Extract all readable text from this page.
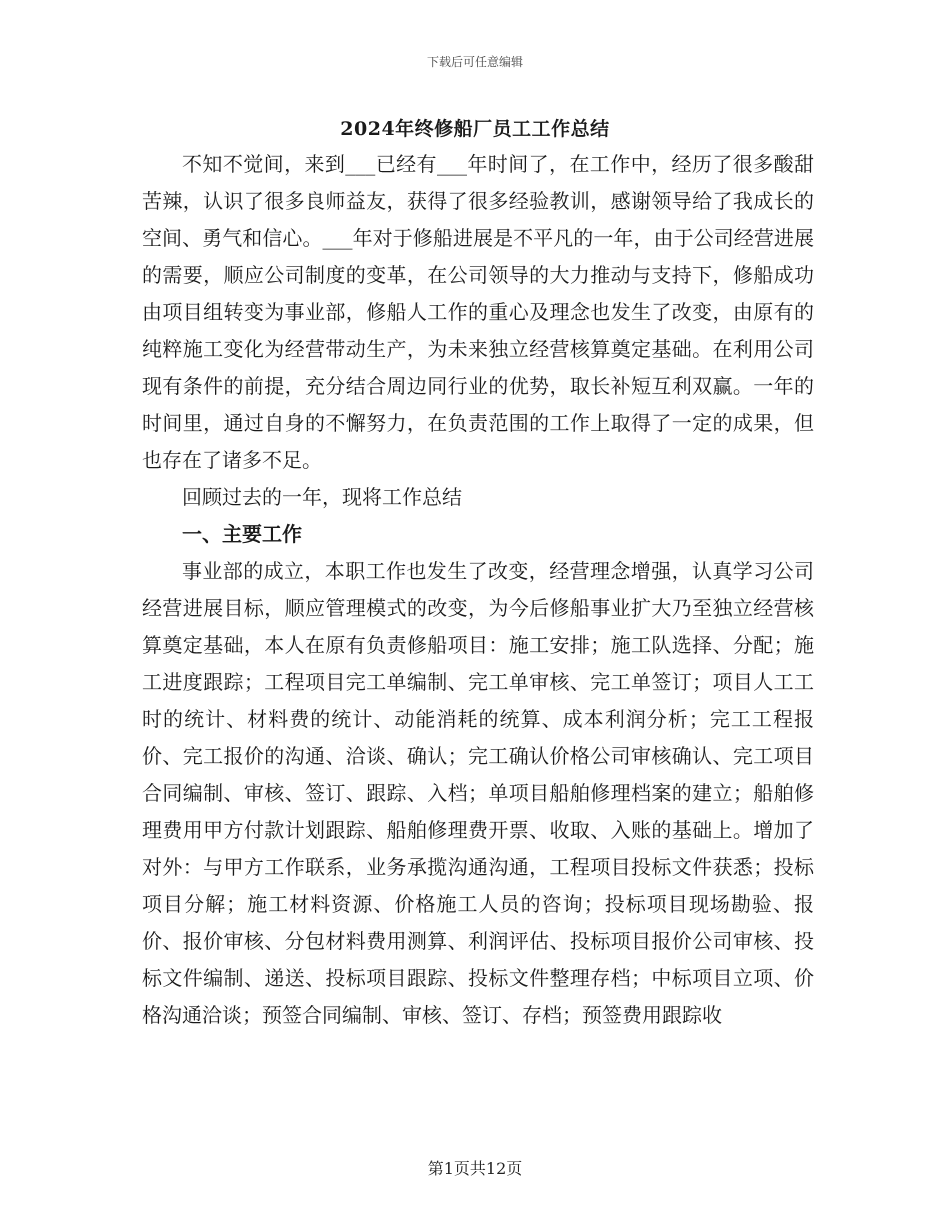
下载后可任意编辑
2024年终修船厂员工工作总结

不知不觉间，来到___已经有___年时间了，在工作中，经历了很多酸甜苦辣，认识了很多良师益友，获得了很多经验教训，感谢领导给了我成长的空间、勇气和信心。___年对于修船进展是不平凡的一年，由于公司经营进展的需要，顺应公司制度的变革，在公司领导的大力推动与支持下，修船成功由项目组转变为事业部，修船人工作的重心及理念也发生了改变，由原有的纯粹施工变化为经营带动生产，为未来独立经营核算奠定基础。在利用公司现有条件的前提，充分结合周边同行业的优势，取长补短互利双赢。一年的时间里，通过自身的不懈努力，在负责范围的工作上取得了一定的成果，但也存在了诸多不足。

回顾过去的一年，现将工作总结

一、主要工作

事业部的成立，本职工作也发生了改变，经营理念增强，认真学习公司经营进展目标，顺应管理模式的改变，为今后修船事业扩大乃至独立经营核算奠定基础，本人在原有负责修船项目：施工安排；施工队选择、分配；施工进度跟踪；工程项目完工单编制、完工单审核、完工单签订；项目人工工时的统计、材料费的统计、动能消耗的统算、成本利润分析；完工工程报价、完工报价的沟通、洽谈、确认；完工确认价格公司审核确认、完工项目合同编制、审核、签订、跟踪、入档；单项目船舶修理档案的建立；船舶修理费用甲方付款计划跟踪、船舶修理费开票、收取、入账的基础上。增加了对外：与甲方工作联系，业务承揽沟通沟通，工程项目投标文件获悉；投标项目分解；施工材料资源、价格施工人员的咨询；投标项目现场勘验、报价、报价审核、分包材料费用测算、利润评估、投标项目报价公司审核、投标文件编制、递送、投标项目跟踪、投标文件整理存档；中标项目立项、价格沟通洽谈；预签合同编制、审核、签订、存档；预签费用跟踪收

第1页共12页
